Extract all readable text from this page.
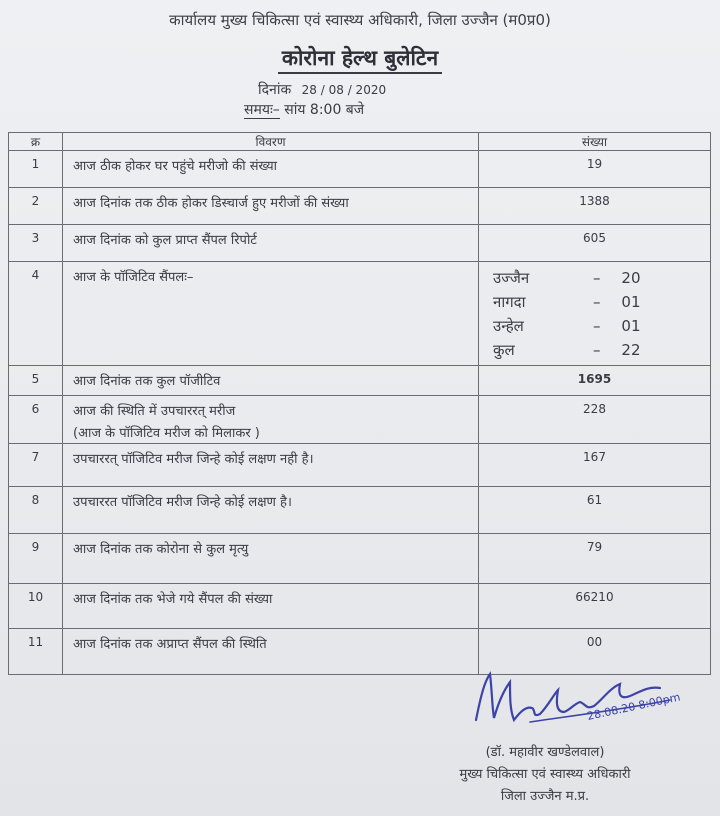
कार्यालय मुख्य चिकित्सा एवं स्वास्थ्य अधिकारी, जिला उज्जैन (म0प्र0)
कोरोना हेल्थ बुलेटिन
दिनांक 28 / 08 / 2020
समयः– सांय 8:00 बजे
क्र	विवरण	संख्या
1	आज ठीक होकर घर पहुंचे मरीजो की संख्या	19
2	आज दिनांक तक ठीक होकर डिस्चार्ज हुए मरीजों की संख्या	1388
3	आज दिनांक को कुल प्राप्त सैंपल रिपोर्ट	605
4	आज के पॉजिटिव सैंपलः–	उज्जैन – 20
नागदा – 01
उन्हेल – 01
कुल – 22

5	आज दिनांक तक कुल पॉजीटिव	1695
6	आज की स्थिति में उपचाररत् मरीज
(आज के पॉजिटिव मरीज को मिलाकर )	228
7	उपचाररत् पॉजिटिव मरीज जिन्हे कोई लक्षण नही है।	167
8	उपचाररत पॉजिटिव मरीज जिन्हे कोई लक्षण है।	61
9	आज दिनांक तक कोरोना से कुल मृत्यु	79
10	आज दिनांक तक भेजे गये सैंपल की संख्या	66210
11	आज दिनांक तक अप्राप्त सैंपल की स्थिति	00
28.08.20 8:00pm
(डॉ. महावीर खण्डेलवाल)
मुख्य चिकित्सा एवं स्वास्थ्य अधिकारी
जिला उज्जैन म.प्र.
